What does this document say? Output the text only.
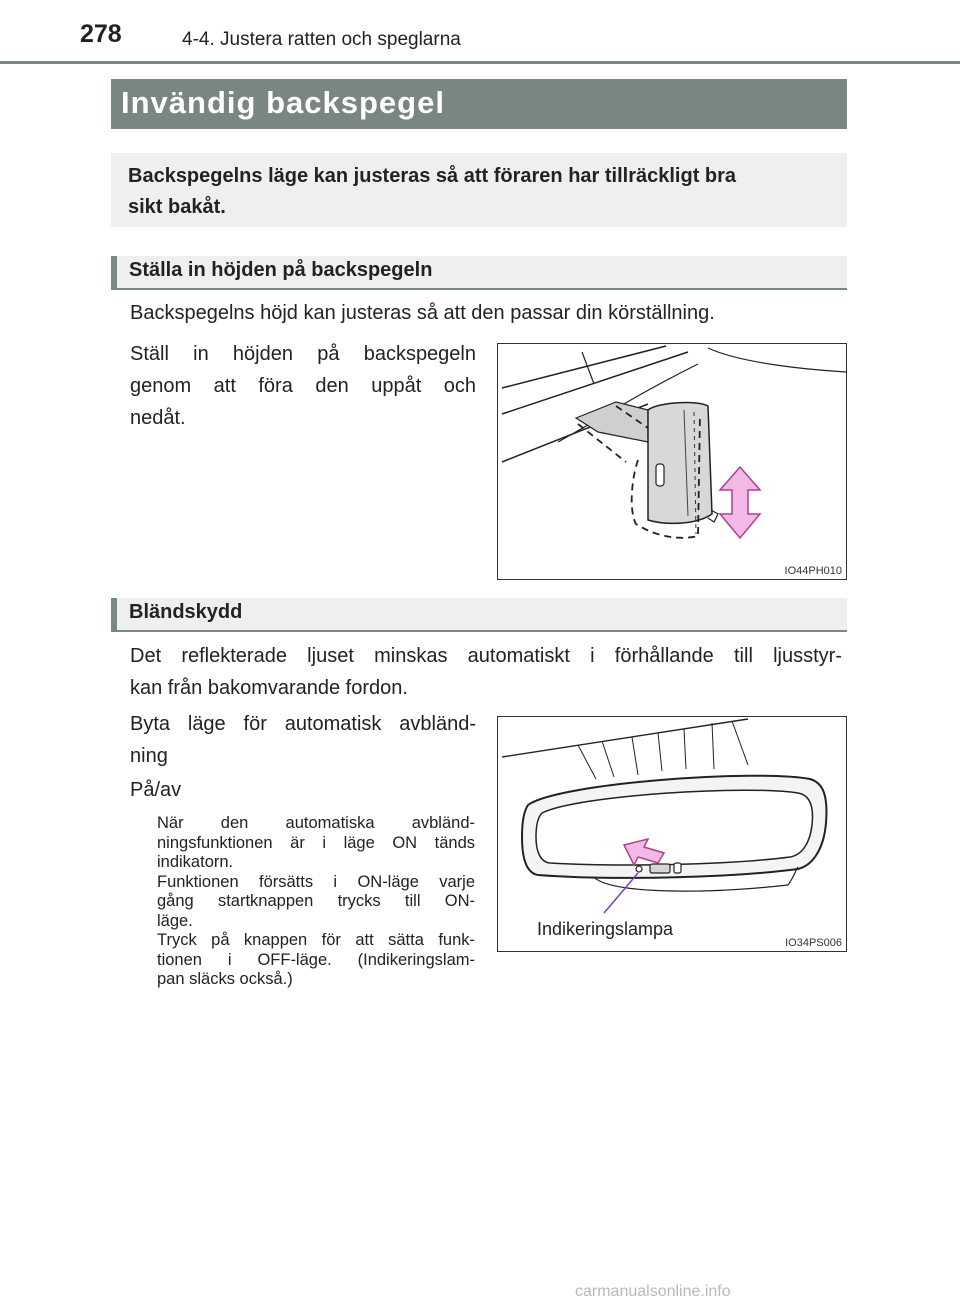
278	4-4. Justera ratten och speglarna
Invändig backspegel
Backspegelns läge kan justeras så att föraren har tillräckligt bra
sikt bakåt.
Ställa in höjden på backspegeln
Backspegelns höjd kan justeras så att den passar din körställning.
Ställ in höjden på backspegeln
genom att föra den uppåt och
nedåt.
IO44PH010
Bländskydd
Det reflekterade ljuset minskas automatiskt i förhållande till ljusstyr-
kan från bakomvarande fordon.
Byta läge för automatisk avbländ-
ning
På/av
När den automatiska avbländ-
ningsfunktionen är i läge ON tänds
indikatorn.
Funktionen försätts i ON-läge varje
gång startknappen trycks till ON-
läge.
Tryck på knappen för att sätta funk-
tionen i OFF-läge. (Indikeringslam-
pan släcks också.)
Indikeringslampa
IO34PS006
carmanualsonline.info
